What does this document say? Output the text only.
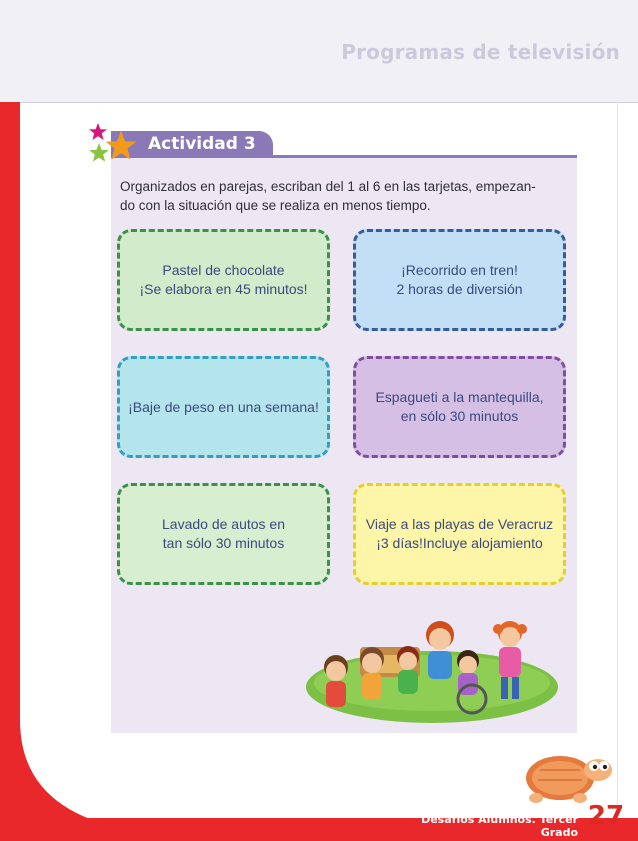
Programas de televisión
Actividad 3
Organizados en parejas, escriban del 1 al 6 en las tarjetas, empezan-
do con la situación que se realiza en menos tiempo.
Pastel de chocolate
¡Se elabora en 45 minutos!
¡Recorrido en tren!
2 horas de diversión
¡Baje de peso en una semana!
Espagueti a la mantequilla,
en sólo 30 minutos
Lavado de autos en
tan sólo 30 minutos
Viaje a las playas de Veracruz
¡3 días!Incluye alojamiento
Desafíos Alumnos. Tercer Grado
27
